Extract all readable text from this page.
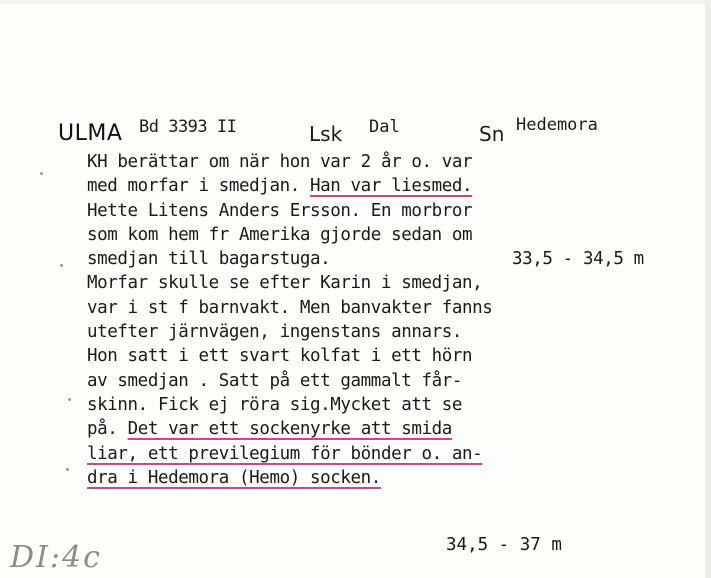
ULMA Bd 3393 II	Lsk Dal	Sn Hedemora
KH berättar om när hon var 2 år o. var
med morfar i smedjan. Han var liesmed.
Hette Litens Anders Ersson. En morbror
som kom hem fr Amerika gjorde sedan om
smedjan till bagarstuga.	33,5 - 34,5 m
Morfar skulle se efter Karin i smedjan,
var i st f barnvakt. Men banvakter fanns
utefter järnvägen, ingenstans annars.
Hon satt i ett svart kolfat i ett hörn
av smedjan . Satt på ett gammalt får-
skinn. Fick ej röra sig.Mycket att se
på. Det var ett sockenyrke att smida
liar, ett previlegium för bönder o. an-
dra i Hedemora (Hemo) socken.
34,5 - 37 m
DI:4c
